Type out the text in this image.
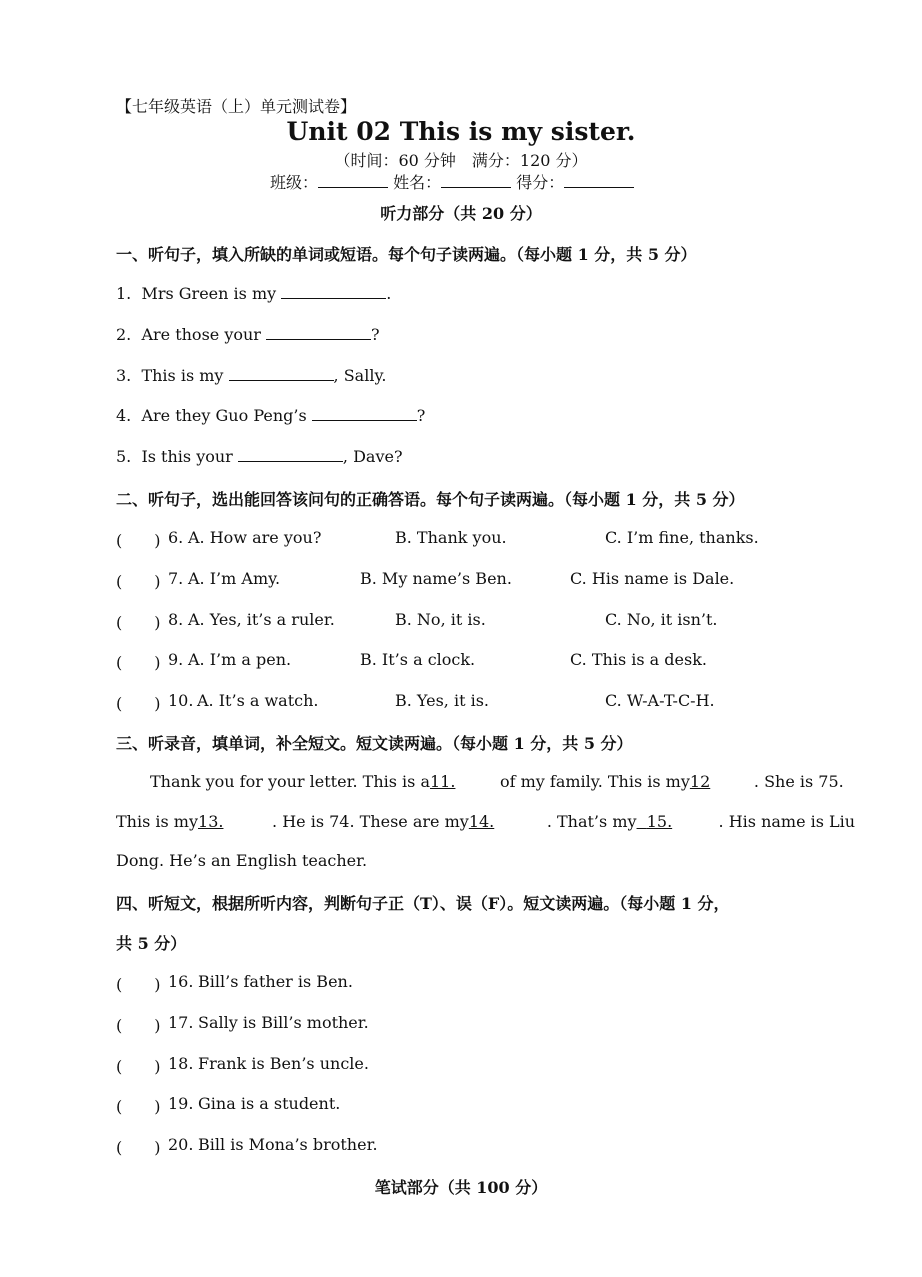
【七年级英语（上）单元测试卷】
Unit 02 This is my sister.
（时间：60 分钟　满分：120 分）
班级：	姓名：	得分：
听力部分（共 20 分）
一、听句子，填入所缺的单词或短语。每个句子读两遍。（每小题 1 分，共 5 分）
1. Mrs Green is my	.
2. Are those your	?
3. This is my	, Sally.
4. Are they Guo Peng’s	?
5. Is this your	, Dave?
二、听句子，选出能回答该问句的正确答语。每个句子读两遍。（每小题 1 分，共 5 分）
(　　) 6. A. How are you?	B. Thank you.	C. I’m fine, thanks.
(　　) 7. A. I’m Amy.	B. My name’s Ben.	C. His name is Dale.
(　　) 8. A. Yes, it’s a ruler.	B. No, it is.	C. No, it isn’t.
(　　) 9. A. I’m a pen.	B. It’s a clock.	C. This is a desk.
(　　) 10. A. It’s a watch.	B. Yes, it is.	C. W-A-T-C-H.
三、听录音，填单词，补全短文。短文读两遍。（每小题 1 分，共 5 分）
Thank you for your letter. This is a11.	of my family. This is my12	. She is 75.
This is my13.	. He is 74. These are my14.	. That’s my 15.	. His name is Liu
Dong. He’s an English teacher.
四、听短文，根据所听内容，判断句子正（T）、误（F）。短文读两遍。（每小题 1 分，
共 5 分）
(　　) 16. Bill’s father is Ben.
(　　) 17. Sally is Bill’s mother.
(　　) 18. Frank is Ben’s uncle.
(　　) 19. Gina is a student.
(　　) 20. Bill is Mona’s brother.
笔试部分（共 100 分）
